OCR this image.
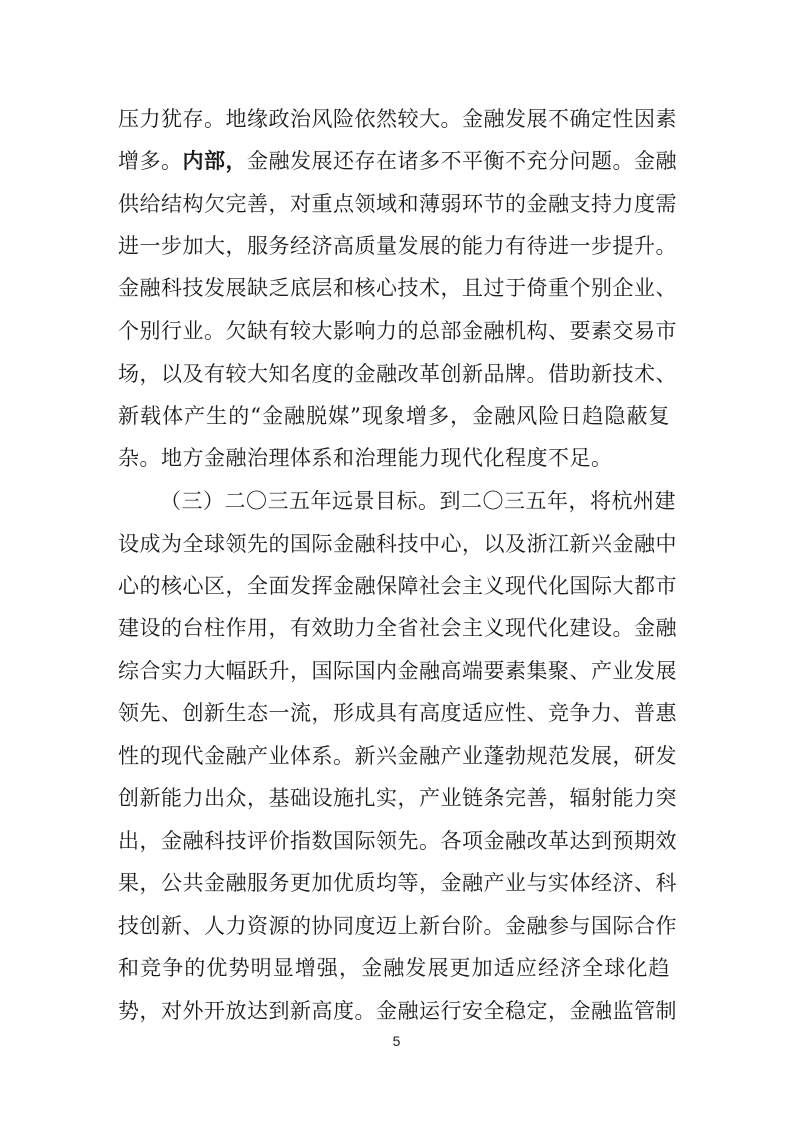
压力犹存。地缘政治风险依然较大。金融发展不确定性因素
增多。内部，金融发展还存在诸多不平衡不充分问题。金融
供给结构欠完善，对重点领域和薄弱环节的金融支持力度需
进一步加大，服务经济高质量发展的能力有待进一步提升。
金融科技发展缺乏底层和核心技术，且过于倚重个别企业、
个别行业。欠缺有较大影响力的总部金融机构、要素交易市
场，以及有较大知名度的金融改革创新品牌。借助新技术、
新载体产生的“金融脱媒”现象增多，金融风险日趋隐蔽复
杂。地方金融治理体系和治理能力现代化程度不足。
（三）二〇三五年远景目标。到二〇三五年，将杭州建
设成为全球领先的国际金融科技中心，以及浙江新兴金融中
心的核心区，全面发挥金融保障社会主义现代化国际大都市
建设的台柱作用，有效助力全省社会主义现代化建设。金融
综合实力大幅跃升，国际国内金融高端要素集聚、产业发展
领先、创新生态一流，形成具有高度适应性、竞争力、普惠
性的现代金融产业体系。新兴金融产业蓬勃规范发展，研发
创新能力出众，基础设施扎实，产业链条完善，辐射能力突
出，金融科技评价指数国际领先。各项金融改革达到预期效
果，公共金融服务更加优质均等，金融产业与实体经济、科
技创新、人力资源的协同度迈上新台阶。金融参与国际合作
和竞争的优势明显增强，金融发展更加适应经济全球化趋
势，对外开放达到新高度。金融运行安全稳定，金融监管制
5
